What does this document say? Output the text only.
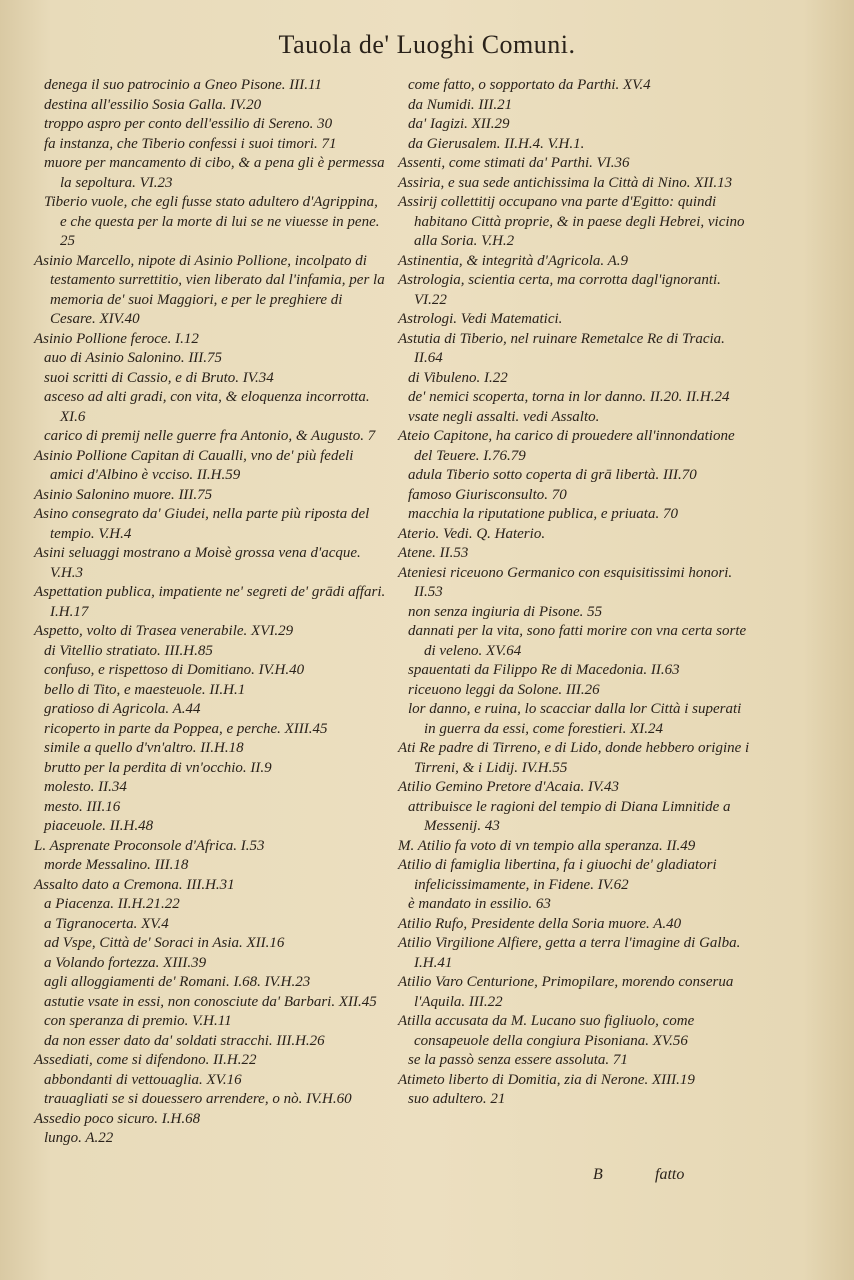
Tauola de' Luoghi Comuni.

denega il suo patrocinio a Gneo Pisone. III.11

destina all'essilio Sosia Galla. IV.20

troppo aspro per conto dell'essilio di Sereno. 30

fa instanza, che Tiberio confessi i suoi timori. 71

muore per mancamento di cibo, & a pena gli è permessa la sepoltura. VI.23

Tiberio vuole, che egli fusse stato adultero d'Agrippina, e che questa per la morte di lui se ne viuesse in pene. 25

Asinio Marcello, nipote di Asinio Pollione, incolpato di testamento surrettitio, vien liberato dal l'infamia, per la memoria de' suoi Maggiori, e per le preghiere di Cesare. XIV.40

Asinio Pollione feroce. I.12

auo di Asinio Salonino. III.75

suoi scritti di Cassio, e di Bruto. IV.34

asceso ad alti gradi, con vita, & eloquenza incorrotta. XI.6

carico di premij nelle guerre fra Antonio, & Augusto. 7

Asinio Pollione Capitan di Caualli, vno de' più fedeli amici d'Albino è vcciso. II.H.59

Asinio Salonino muore. III.75

Asino consegrato da' Giudei, nella parte più riposta del tempio. V.H.4

Asini seluaggi mostrano a Moisè grossa vena d'acque. V.H.3

Aspettation publica, impatiente ne' segreti de' grādi affari. I.H.17

Aspetto, volto di Trasea venerabile. XVI.29

di Vitellio stratiato. III.H.85

confuso, e rispettoso di Domitiano. IV.H.40

bello di Tito, e maesteuole. II.H.1

gratioso di Agricola. A.44

ricoperto in parte da Poppea, e perche. XIII.45

simile a quello d'vn'altro. II.H.18

brutto per la perdita di vn'occhio. II.9

molesto. II.34

mesto. III.16

piaceuole. II.H.48

L. Asprenate Proconsole d'Africa. I.53

morde Messalino. III.18

Assalto dato a Cremona. III.H.31

a Piacenza. II.H.21.22

a Tigranocerta. XV.4

ad Vspe, Città de' Soraci in Asia. XII.16

a Volando fortezza. XIII.39

agli alloggiamenti de' Romani. I.68. IV.H.23

astutie vsate in essi, non conosciute da' Barbari. XII.45

con speranza di premio. V.H.11

da non esser dato da' soldati stracchi. III.H.26

Assediati, come si difendono. II.H.22

abbondanti di vettouaglia. XV.16

trauagliati se si douessero arrendere, o nò. IV.H.60

Assedio poco sicuro. I.H.68

lungo. A.22

come fatto, o sopportato da Parthi. XV.4

da Numidi. III.21

da' Iagizi. XII.29

da Gierusalem. II.H.4. V.H.1.

Assenti, come stimati da' Parthi. VI.36

Assiria, e sua sede antichissima la Città di Nino. XII.13

Assirij collettitij occupano vna parte d'Egitto: quindi habitano Città proprie, & in paese degli Hebrei, vicino alla Soria. V.H.2

Astinentia, & integrità d'Agricola. A.9

Astrologia, scientia certa, ma corrotta dagl'ignoranti. VI.22

Astrologi. Vedi Matematici.

Astutia di Tiberio, nel ruinare Remetalce Re di Tracia. II.64

di Vibuleno. I.22

de' nemici scoperta, torna in lor danno. II.20. II.H.24

vsate negli assalti. vedi Assalto.

Ateio Capitone, ha carico di prouedere all'innondatione del Teuere. I.76.79

adula Tiberio sotto coperta di grā libertà. III.70

famoso Giurisconsulto. 70

macchia la riputatione publica, e priuata. 70

Aterio. Vedi. Q. Haterio.

Atene. II.53

Ateniesi riceuono Germanico con esquisitissimi honori. II.53

non senza ingiuria di Pisone. 55

dannati per la vita, sono fatti morire con vna certa sorte di veleno. XV.64

spauentati da Filippo Re di Macedonia. II.63

riceuono leggi da Solone. III.26

lor danno, e ruina, lo scacciar dalla lor Città i superati in guerra da essi, come forestieri. XI.24

Ati Re padre di Tirreno, e di Lido, donde hebbero origine i Tirreni, & i Lidij. IV.H.55

Atilio Gemino Pretore d'Acaia. IV.43

attribuisce le ragioni del tempio di Diana Limnitide a Messenij. 43

M. Atilio fa voto di vn tempio alla speranza. II.49

Atilio di famiglia libertina, fa i giuochi de' gladiatori infelicissimamente, in Fidene. IV.62

è mandato in essilio. 63

Atilio Rufo, Presidente della Soria muore. A.40

Atilio Virgilione Alfiere, getta a terra l'imagine di Galba. I.H.41

Atilio Varo Centurione, Primopilare, morendo conserua l'Aquila. III.22

Atilla accusata da M. Lucano suo figliuolo, come consapeuole della congiura Pisoniana. XV.56

se la passò senza essere assoluta. 71

Atimeto liberto di Domitia, zia di Nerone. XIII.19

suo adultero. 21

B	fatto
